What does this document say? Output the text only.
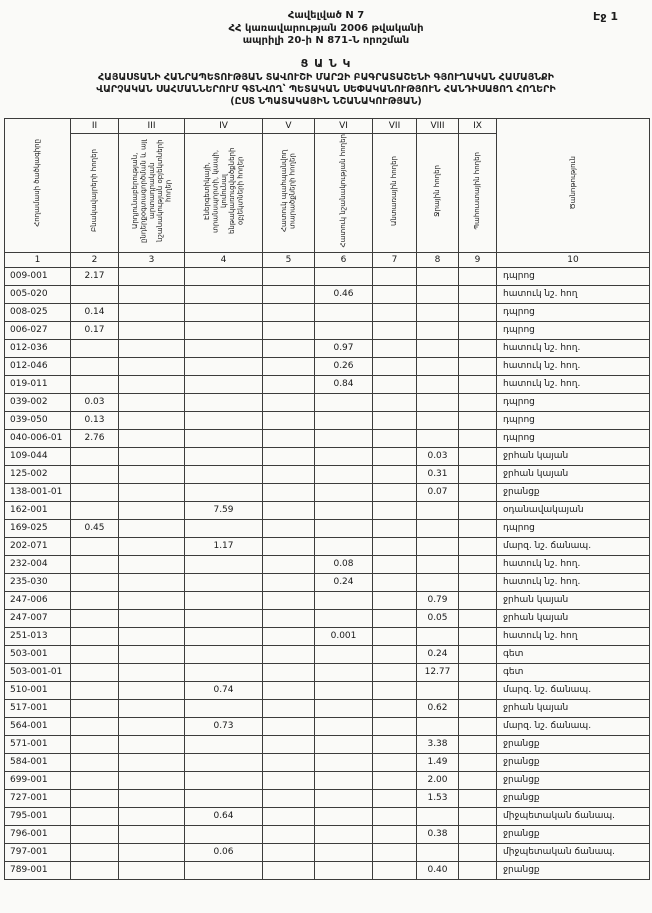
Էջ 1
Հավելված N 7
ՀՀ կառավարության 2006 թվականի
ապրիլի 20-ի N 871-Ն որոշման
Ց Ա Ն Կ
ՀԱՅԱՍՏԱՆԻ ՀԱՆՐԱՊԵՏՈՒԹՅԱՆ ՏԱՎՈՒՇԻ ՄԱՐԶԻ ԲԱԳՐԱՏԱՇԵՆԻ ԳՅՈՒՂԱԿԱՆ ՀԱՄԱՅՆՔԻ
ՎԱՐՉԱԿԱՆ ՍԱՀՄԱՆՆԵՐՈՒՄ ԳՏՆՎՈՂ՝ ՊԵՏԱԿԱՆ ՍԵՓԱԿԱՆՈՒԹՅՈՒՆ ՀԱՆԴԻՍԱՑՈՂ ՀՈՂԵՐԻ
(ԸՍՏ ՆՊԱՏԱԿԱՅԻՆ ՆՇԱՆԱԿՈՒԹՅԱՆ)
Հողամասի ծածկագիրը	II	III	IV	V	VI	VII	VIII	IX	Ծանոթություն
	Բնակավայրերի հողեր	Արդյունաբերության, ընդերքօգտագործման և այլ արտադրական նշանակության օբյեկտների հողեր	Էներգետիկայի, տրանսպորտի, կապի, կոմունալ ենթակառուցվածքների օբյեկտների հողեր	Հատուկ պահպանվող տարածքների հողեր	Հատուկ նշանակության հողեր	Անտառային հողեր	Ջրային հողեր	Պահուստային հողեր	
1	2	3	4	5	6	7	8	9	10
009-001	2.17								դպրոց
005-020					0.46				հատուկ նշ. հող
008-025	0.14								դպրոց
006-027	0.17								դպրոց
012-036					0.97				հատուկ նշ. հող.
012-046					0.26				հատուկ նշ. հող.
019-011					0.84				հատուկ նշ. հող.
039-002	0.03								դպրոց
039-050	0.13								դպրոց
040-006-01	2.76								դպրոց
109-044							0.03		ջրհան կայան
125-002							0.31		ջրհան կայան
138-001-01							0.07		ջրանցք
162-001			7.59						օդանավակայան
169-025	0.45								դպրոց
202-071			1.17						մարզ. նշ. ճանապ.
232-004					0.08				հատուկ նշ. հող.
235-030					0.24				հատուկ նշ. հող.
247-006							0.79		ջրհան կայան
247-007							0.05		ջրհան կայան
251-013					0.001				հատուկ նշ. հող
503-001							0.24		գետ
503-001-01							12.77		գետ
510-001			0.74						մարզ. նշ. ճանապ.
517-001							0.62		ջրհան կայան
564-001			0.73						մարզ. նշ. ճանապ.
571-001							3.38		ջրանցք
584-001							1.49		ջրանցք
699-001							2.00		ջրանցք
727-001							1.53		ջրանցք
795-001			0.64						միջպետական ճանապ.
796-001							0.38		ջրանցք
797-001			0.06						միջպետական ճանապ.
789-001							0.40		ջրանցք
